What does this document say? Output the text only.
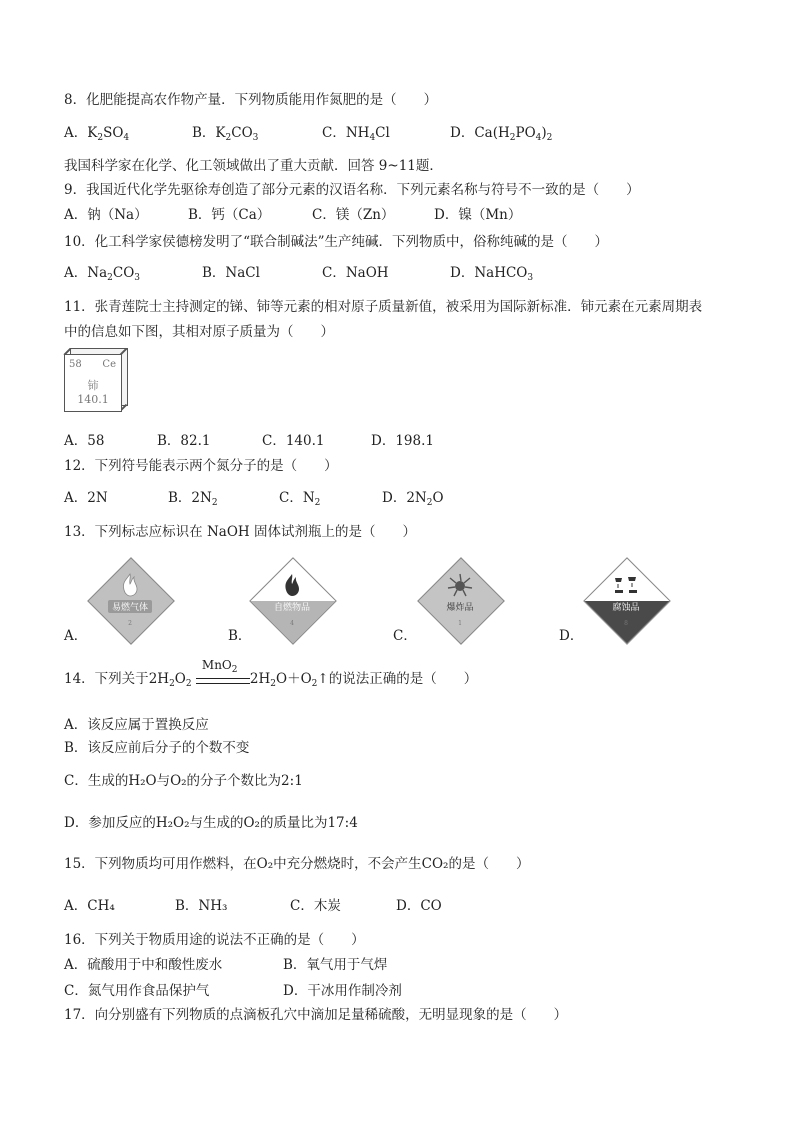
8．化肥能提高农作物产量．下列物质能用作氮肥的是（　　）
A．$K_2SO_4$	B．$K_2CO_3$	C．$NH_4Cl$	D．$Ca(H_2PO_4)_2$
我国科学家在化学、化工领域做出了重大贡献．回答 9~11题．
9．我国近代化学先驱徐寿创造了部分元素的汉语名称．下列元素名称与符号不一致的是（　　）
A．钠（Na）	B．钙（Ca）	C．镁（Zn）	D．镍（Mn）
10．化工科学家侯德榜发明了“联合制碱法”生产纯碱．下列物质中，俗称纯碱的是（　　）
A．$Na_2CO_3$	B．NaCl	C．NaOH	D．NaHCO$_3$
11．张青莲院士主持测定的锑、铈等元素的相对原子质量新值，被采用为国际新标准．铈元素在元素周期表
中的信息如下图，其相对原子质量为（　　）
58 Ce
铈
140.1
A．58	B．82.1	C．140.1	D．198.1
12．下列符号能表示两个氮分子的是（　　）
A．2N	B．$2N_2$	C．$N_2$	D．$2N_2O$
13．下列标志应标识在 NaOH 固体试剂瓶上的是（　　）
A．
易燃气体
2
B．
自燃物品
4
C．
爆炸品
1
D．
腐蚀品
8
14．下列关于$2H_2O_2$
MnO$_2$
$2H_2O+O_2↑$的说法正确的是（　　）
A．该反应属于置换反应
B．该反应前后分子的个数不变
C．生成的H₂O与O₂的分子个数比为2:1
D．参加反应的H₂O₂与生成的O₂的质量比为17:4
15．下列物质均可用作燃料，在O₂中充分燃烧时，不会产生CO₂的是（　　）
A．CH₄	B．NH₃	C．木炭	D．CO
16．下列关于物质用途的说法不正确的是（　　）
A．硫酸用于中和酸性废水	B．氧气用于气焊
C．氮气用作食品保护气	D．干冰用作制冷剂
17．向分别盛有下列物质的点滴板孔穴中滴加足量稀硫酸，无明显现象的是（　　）
